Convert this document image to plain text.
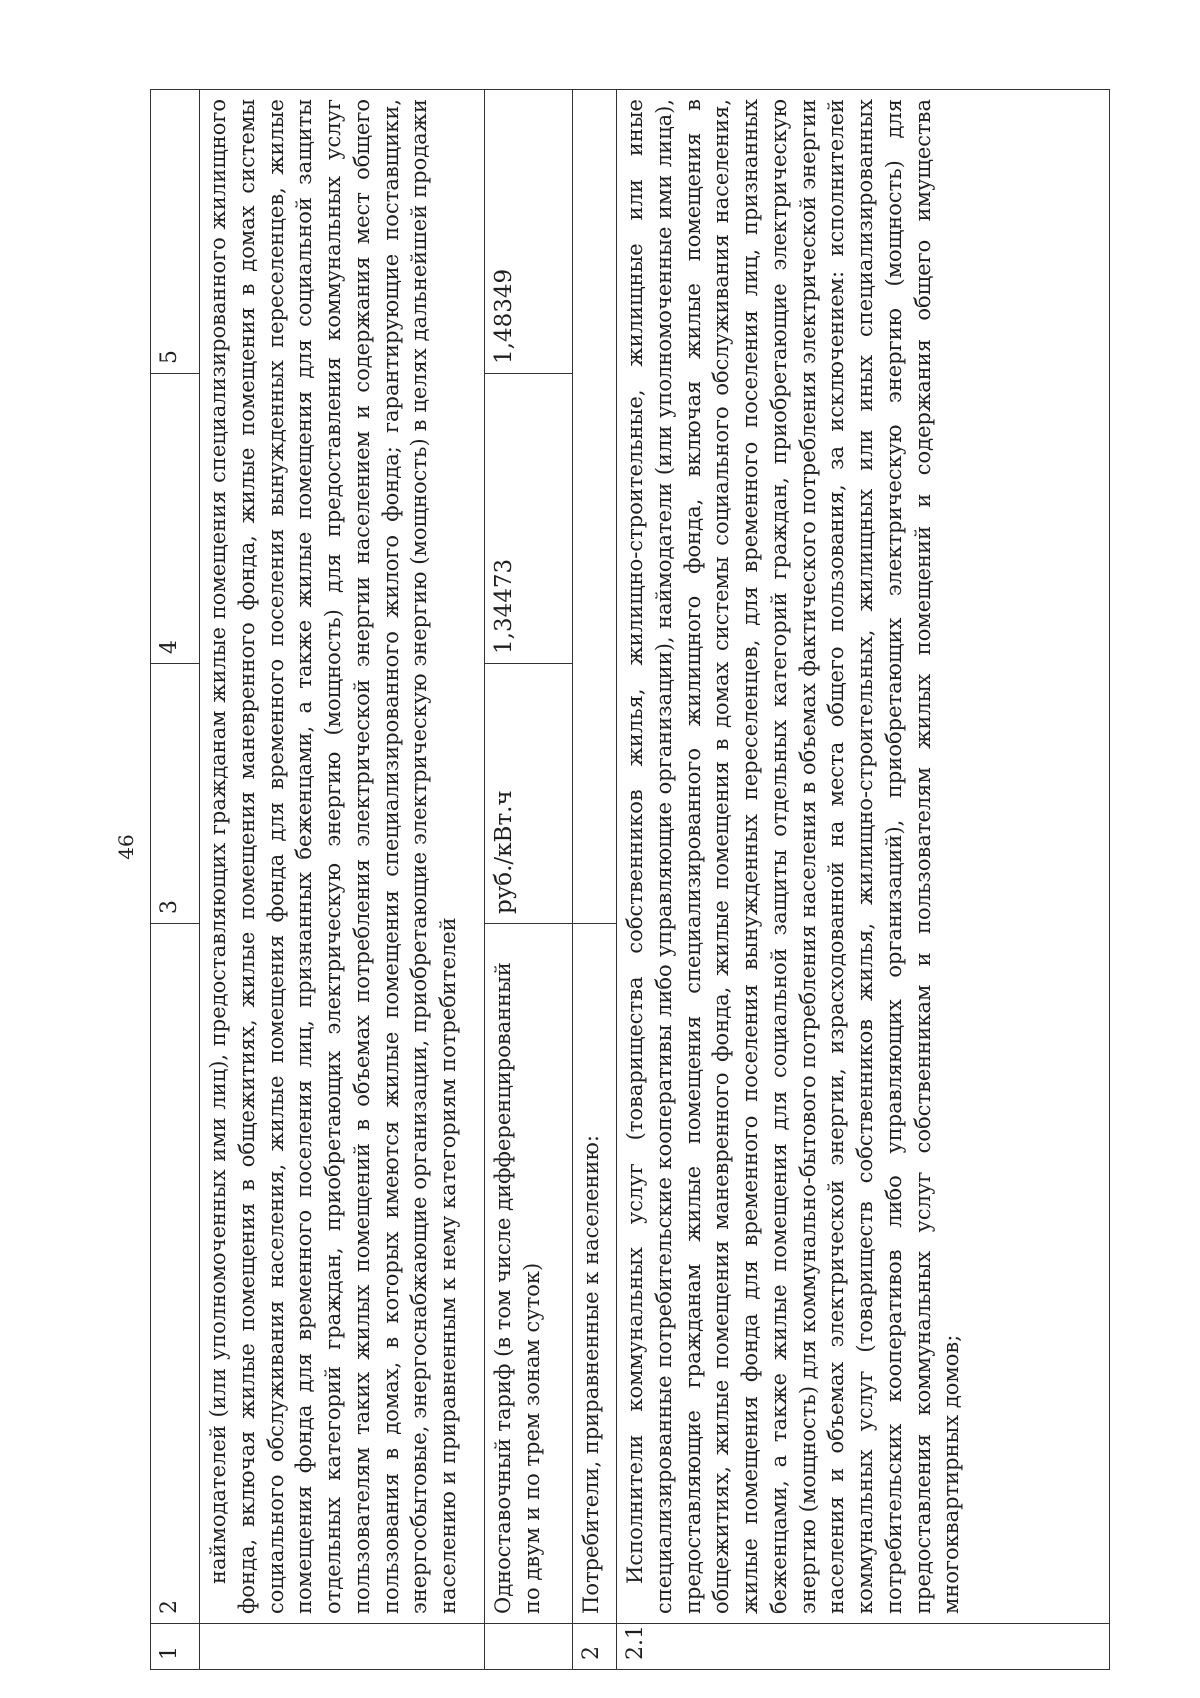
46
1	2	3	4	5
	наймодателей (или уполномоченных ими лиц), предоставляющих гражданам жилые помещения специализированного жилищного фонда, включая жилые помещения в общежитиях, жилые помещения маневренного фонда, жилые помещения в домах системы социального обслуживания населения, жилые помещения фонда для временного поселения вынужденных переселенцев, жилые помещения фонда для временного поселения лиц, признанных беженцами, а также жилые помещения для социальной защиты отдельных категорий граждан, приобретающих электрическую энергию (мощность) для предоставления коммунальных услуг пользователям таких жилых помещений в объемах потребления электрической энергии населением и содержания мест общего пользования в домах, в которых имеются жилые помещения специализированного жилого фонда; гарантирующие поставщики, энергосбытовые, энергоснабжающие организации, приобретающие электрическую энергию (мощность) в целях дальнейшей продажи населению и приравненным к нему категориям потребителей			
	Одноставочный тариф (в том числе дифференцированный по двум и по трем зонам суток)	руб./кВт.ч	1,34473	1,48349
2	Потребители, приравненные к населению:			
2.1	Исполнители коммунальных услуг (товарищества собственников жилья, жилищно-строительные, жилищные или иные специализированные потребительские кооперативы либо управляющие организации), наймодатели (или уполномоченные ими лица), предоставляющие гражданам жилые помещения специализированного жилищного фонда, включая жилые помещения в общежитиях, жилые помещения маневренного фонда, жилые помещения в домах системы социального обслуживания населения, жилые помещения фонда для временного поселения вынужденных переселенцев, для временного поселения лиц, признанных беженцами, а также жилые помещения для социальной защиты отдельных категорий граждан, приобретающие электрическую энергию (мощность) для коммунально-бытового потребления населения в объемах фактического потребления электрической энергии населения и объемах электрической энергии, израсходованной на места общего пользования, за исключением: исполнителей коммунальных услуг (товариществ собственников жилья, жилищно-строительных, жилищных или иных специализированных потребительских кооперативов либо управляющих организаций), приобретающих электрическую энергию (мощность) для предоставления коммунальных услуг собственникам и пользователям жилых помещений и содержания общего имущества многоквартирных домов;			
